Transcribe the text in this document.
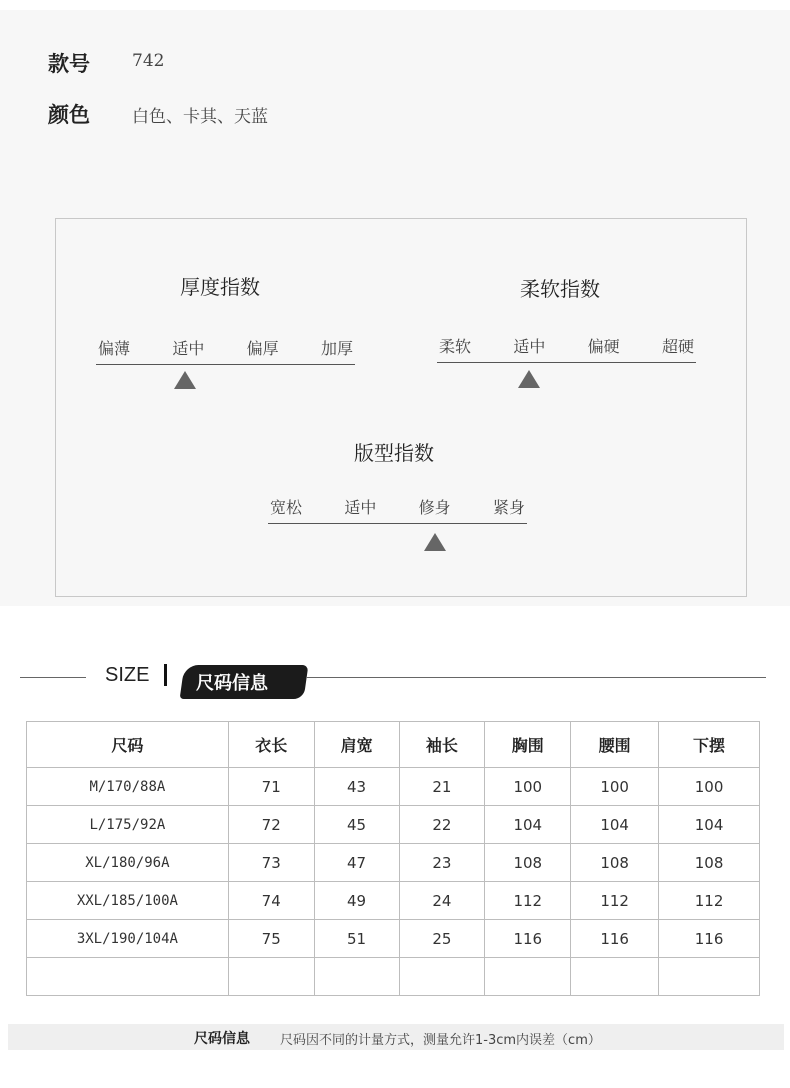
款号 742
颜色 白色、卡其、天蓝
厚度指数
偏薄	适中	偏厚	加厚
柔软指数
柔软	适中	偏硬	超硬
版型指数
宽松	适中	修身	紧身
SIZE	尺码信息
尺码	衣长	肩宽	袖长	胸围	腰围	下摆
M/170/88A	71	43	21	100	100	100
L/175/92A	72	45	22	104	104	104
XL/180/96A	73	47	23	108	108	108
XXL/185/100A	74	49	24	112	112	112
3XL/190/104A	75	51	25	116	116	116

尺码信息 尺码因不同的计量方式，测量允许1-3cm内误差（cm）
